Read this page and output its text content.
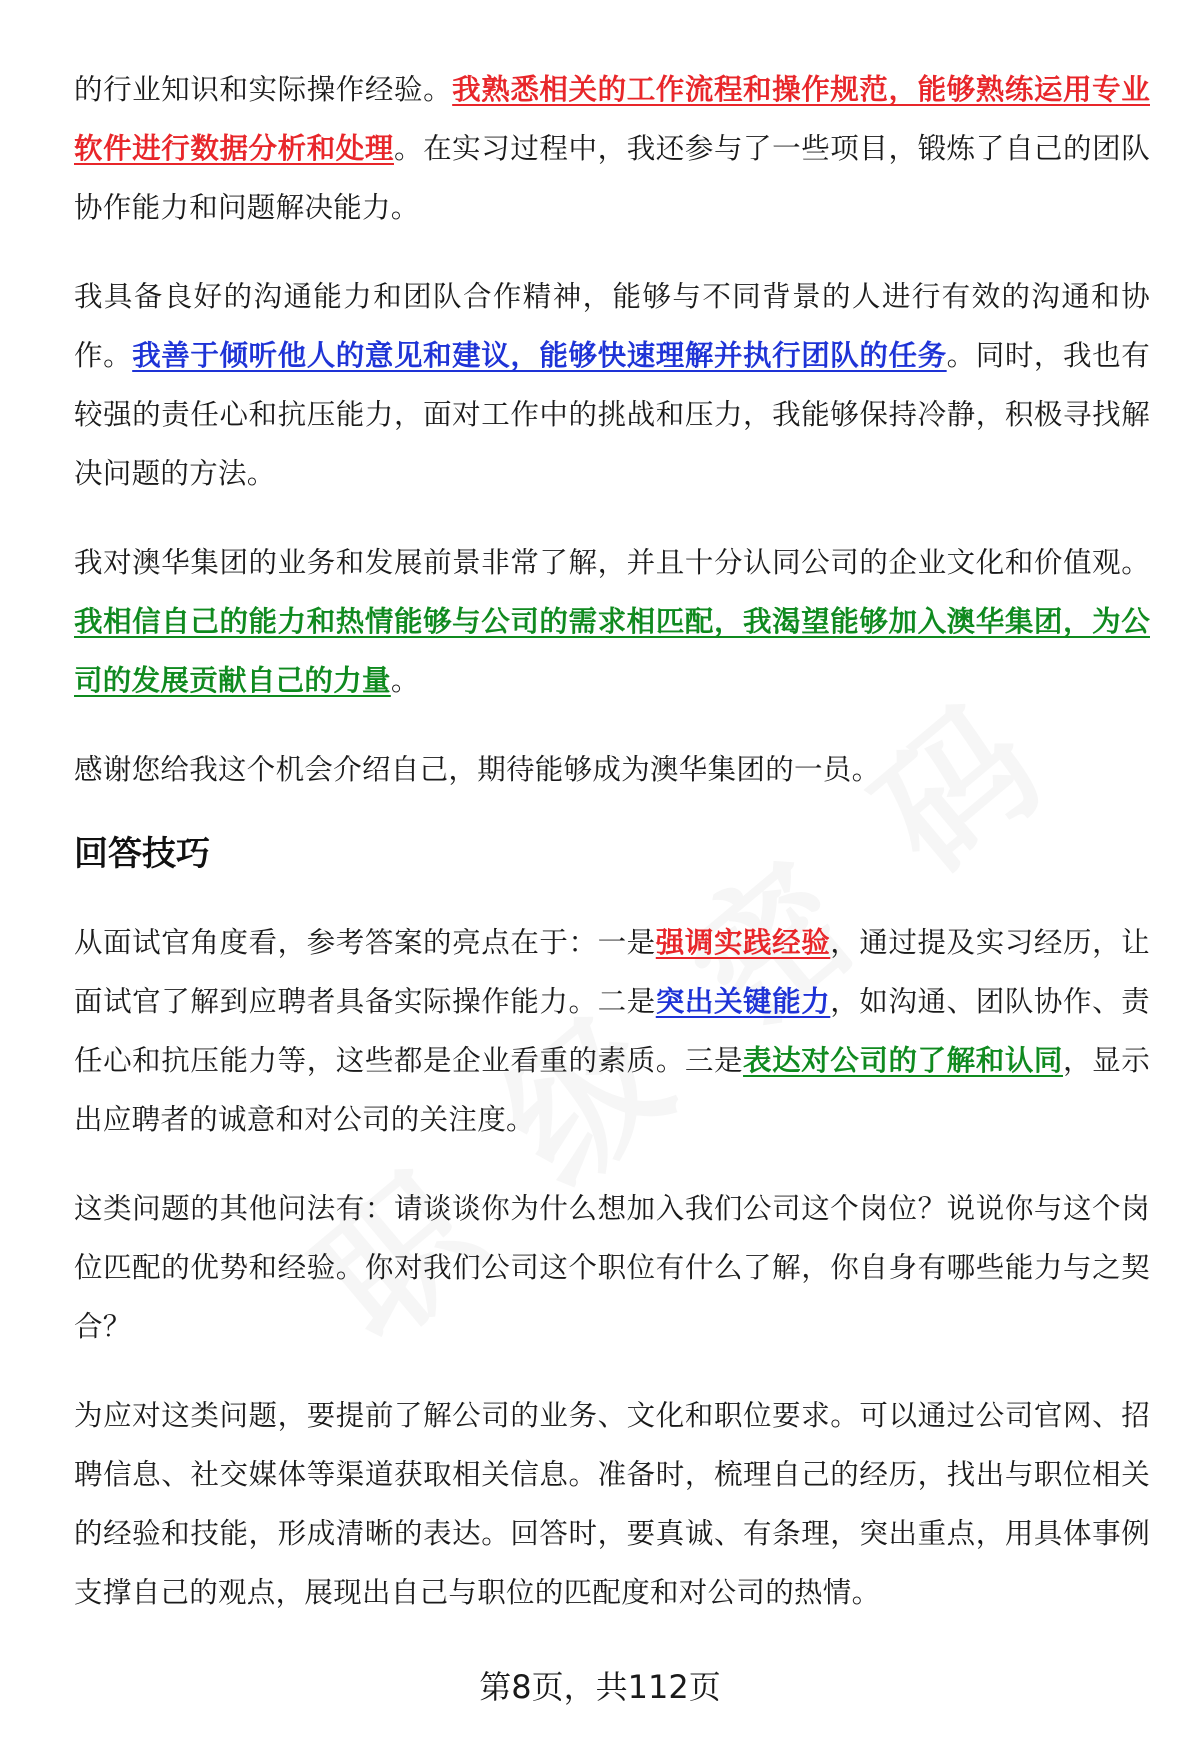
的行业知识和实际操作经验。我熟悉相关的工作流程和操作规范，能够熟练运用专业软件进行数据分析和处理。在实习过程中，我还参与了一些项目，锻炼了自己的团队协作能力和问题解决能力。

我具备良好的沟通能力和团队合作精神，能够与不同背景的人进行有效的沟通和协作。我善于倾听他人的意见和建议，能够快速理解并执行团队的任务。同时，我也有较强的责任心和抗压能力，面对工作中的挑战和压力，我能够保持冷静，积极寻找解决问题的方法。

我对澳华集团的业务和发展前景非常了解，并且十分认同公司的企业文化和价值观。我相信自己的能力和热情能够与公司的需求相匹配，我渴望能够加入澳华集团，为公司的发展贡献自己的力量。

感谢您给我这个机会介绍自己，期待能够成为澳华集团的一员。

回答技巧

从面试官角度看，参考答案的亮点在于：一是强调实践经验，通过提及实习经历，让面试官了解到应聘者具备实际操作能力。二是突出关键能力，如沟通、团队协作、责任心和抗压能力等，这些都是企业看重的素质。三是表达对公司的了解和认同，显示出应聘者的诚意和对公司的关注度。

这类问题的其他问法有：请谈谈你为什么想加入我们公司这个岗位？说说你与这个岗位匹配的优势和经验。你对我们公司这个职位有什么了解，你自身有哪些能力与之契合？

为应对这类问题，要提前了解公司的业务、文化和职位要求。可以通过公司官网、招聘信息、社交媒体等渠道获取相关信息。准备时，梳理自己的经历，找出与职位相关的经验和技能，形成清晰的表达。回答时，要真诚、有条理，突出重点，用具体事例支撑自己的观点，展现出自己与职位的匹配度和对公司的热情。

第8页，共112页
